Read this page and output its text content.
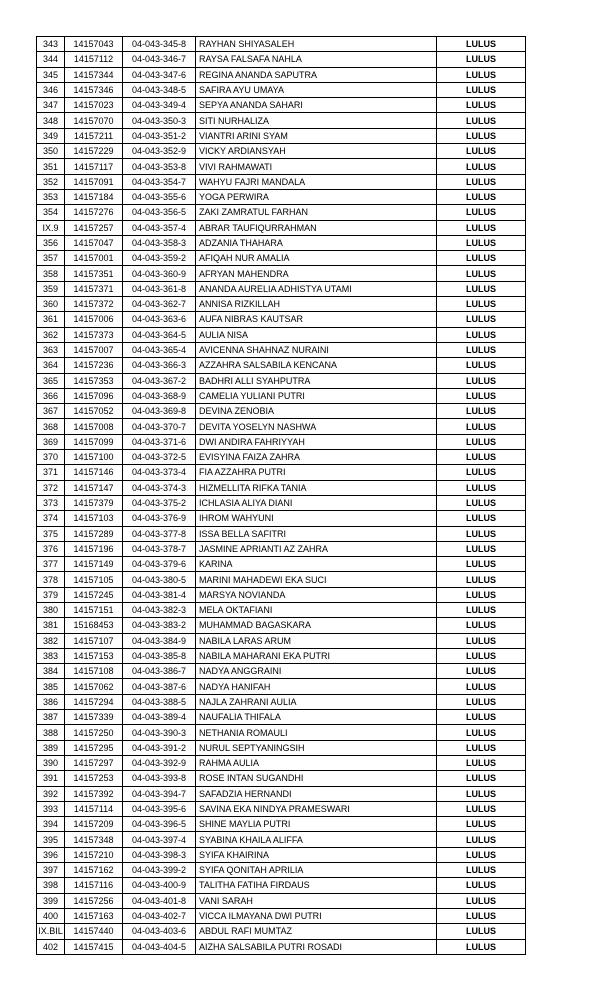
343	14157043	04-043-345-8	RAYHAN SHIYASALEH	LULUS
344	14157112	04-043-346-7	RAYSA FALSAFA NAHLA	LULUS
345	14157344	04-043-347-6	REGINA ANANDA SAPUTRA	LULUS
346	14157346	04-043-348-5	SAFIRA AYU UMAYA	LULUS
347	14157023	04-043-349-4	SEPYA ANANDA SAHARI	LULUS
348	14157070	04-043-350-3	SITI NURHALIZA	LULUS
349	14157211	04-043-351-2	VIANTRI ARINI SYAM	LULUS
350	14157229	04-043-352-9	VICKY ARDIANSYAH	LULUS
351	14157117	04-043-353-8	VIVI RAHMAWATI	LULUS
352	14157091	04-043-354-7	WAHYU FAJRI MANDALA	LULUS
353	14157184	04-043-355-6	YOGA PERWIRA	LULUS
354	14157276	04-043-356-5	ZAKI ZAMRATUL FARHAN	LULUS
IX.9	14157257	04-043-357-4	ABRAR TAUFIQURRAHMAN	LULUS
356	14157047	04-043-358-3	ADZANIA THAHARA	LULUS
357	14157001	04-043-359-2	AFIQAH NUR AMALIA	LULUS
358	14157351	04-043-360-9	AFRYAN MAHENDRA	LULUS
359	14157371	04-043-361-8	ANANDA AURELIA ADHISTYA UTAMI	LULUS
360	14157372	04-043-362-7	ANNISA RIZKILLAH	LULUS
361	14157006	04-043-363-6	AUFA NIBRAS KAUTSAR	LULUS
362	14157373	04-043-364-5	AULIA NISA	LULUS
363	14157007	04-043-365-4	AVICENNA SHAHNAZ NURAINI	LULUS
364	14157236	04-043-366-3	AZZAHRA SALSABILA KENCANA	LULUS
365	14157353	04-043-367-2	BADHRI ALLI SYAHPUTRA	LULUS
366	14157096	04-043-368-9	CAMELIA YULIANI PUTRI	LULUS
367	14157052	04-043-369-8	DEVINA ZENOBIA	LULUS
368	14157008	04-043-370-7	DEVITA YOSELYN NASHWA	LULUS
369	14157099	04-043-371-6	DWI ANDIRA FAHRIYYAH	LULUS
370	14157100	04-043-372-5	EVISYINA FAIZA ZAHRA	LULUS
371	14157146	04-043-373-4	FIA AZZAHRA PUTRI	LULUS
372	14157147	04-043-374-3	HIZMELLITA RIFKA TANIA	LULUS
373	14157379	04-043-375-2	ICHLASIA ALIYA DIANI	LULUS
374	14157103	04-043-376-9	IHROM WAHYUNI	LULUS
375	14157289	04-043-377-8	ISSA BELLA SAFITRI	LULUS
376	14157196	04-043-378-7	JASMINE APRIANTI AZ ZAHRA	LULUS
377	14157149	04-043-379-6	KARINA	LULUS
378	14157105	04-043-380-5	MARINI MAHADEWI EKA SUCI	LULUS
379	14157245	04-043-381-4	MARSYA NOVIANDA	LULUS
380	14157151	04-043-382-3	MELA OKTAFIANI	LULUS
381	15168453	04-043-383-2	MUHAMMAD BAGASKARA	LULUS
382	14157107	04-043-384-9	NABILA LARAS ARUM	LULUS
383	14157153	04-043-385-8	NABILA MAHARANI EKA PUTRI	LULUS
384	14157108	04-043-386-7	NADYA ANGGRAINI	LULUS
385	14157062	04-043-387-6	NADYA HANIFAH	LULUS
386	14157294	04-043-388-5	NAJLA ZAHRANI AULIA	LULUS
387	14157339	04-043-389-4	NAUFALIA THIFALA	LULUS
388	14157250	04-043-390-3	NETHANIA ROMAULI	LULUS
389	14157295	04-043-391-2	NURUL SEPTYANINGSIH	LULUS
390	14157297	04-043-392-9	RAHMA AULIA	LULUS
391	14157253	04-043-393-8	ROSE INTAN SUGANDHI	LULUS
392	14157392	04-043-394-7	SAFADZIA HERNANDI	LULUS
393	14157114	04-043-395-6	SAVINA EKA NINDYA PRAMESWARI	LULUS
394	14157209	04-043-396-5	SHINE MAYLIA PUTRI	LULUS
395	14157348	04-043-397-4	SYABINA KHAILA ALIFFA	LULUS
396	14157210	04-043-398-3	SYIFA KHAIRINA	LULUS
397	14157162	04-043-399-2	SYIFA QONITAH APRILIA	LULUS
398	14157116	04-043-400-9	TALITHA FATIHA FIRDAUS	LULUS
399	14157256	04-043-401-8	VANI SARAH	LULUS
400	14157163	04-043-402-7	VICCA ILMAYANA DWI PUTRI	LULUS
IX.BIL	14157440	04-043-403-6	ABDUL RAFI MUMTAZ	LULUS
402	14157415	04-043-404-5	AIZHA SALSABILA PUTRI ROSADI	LULUS
